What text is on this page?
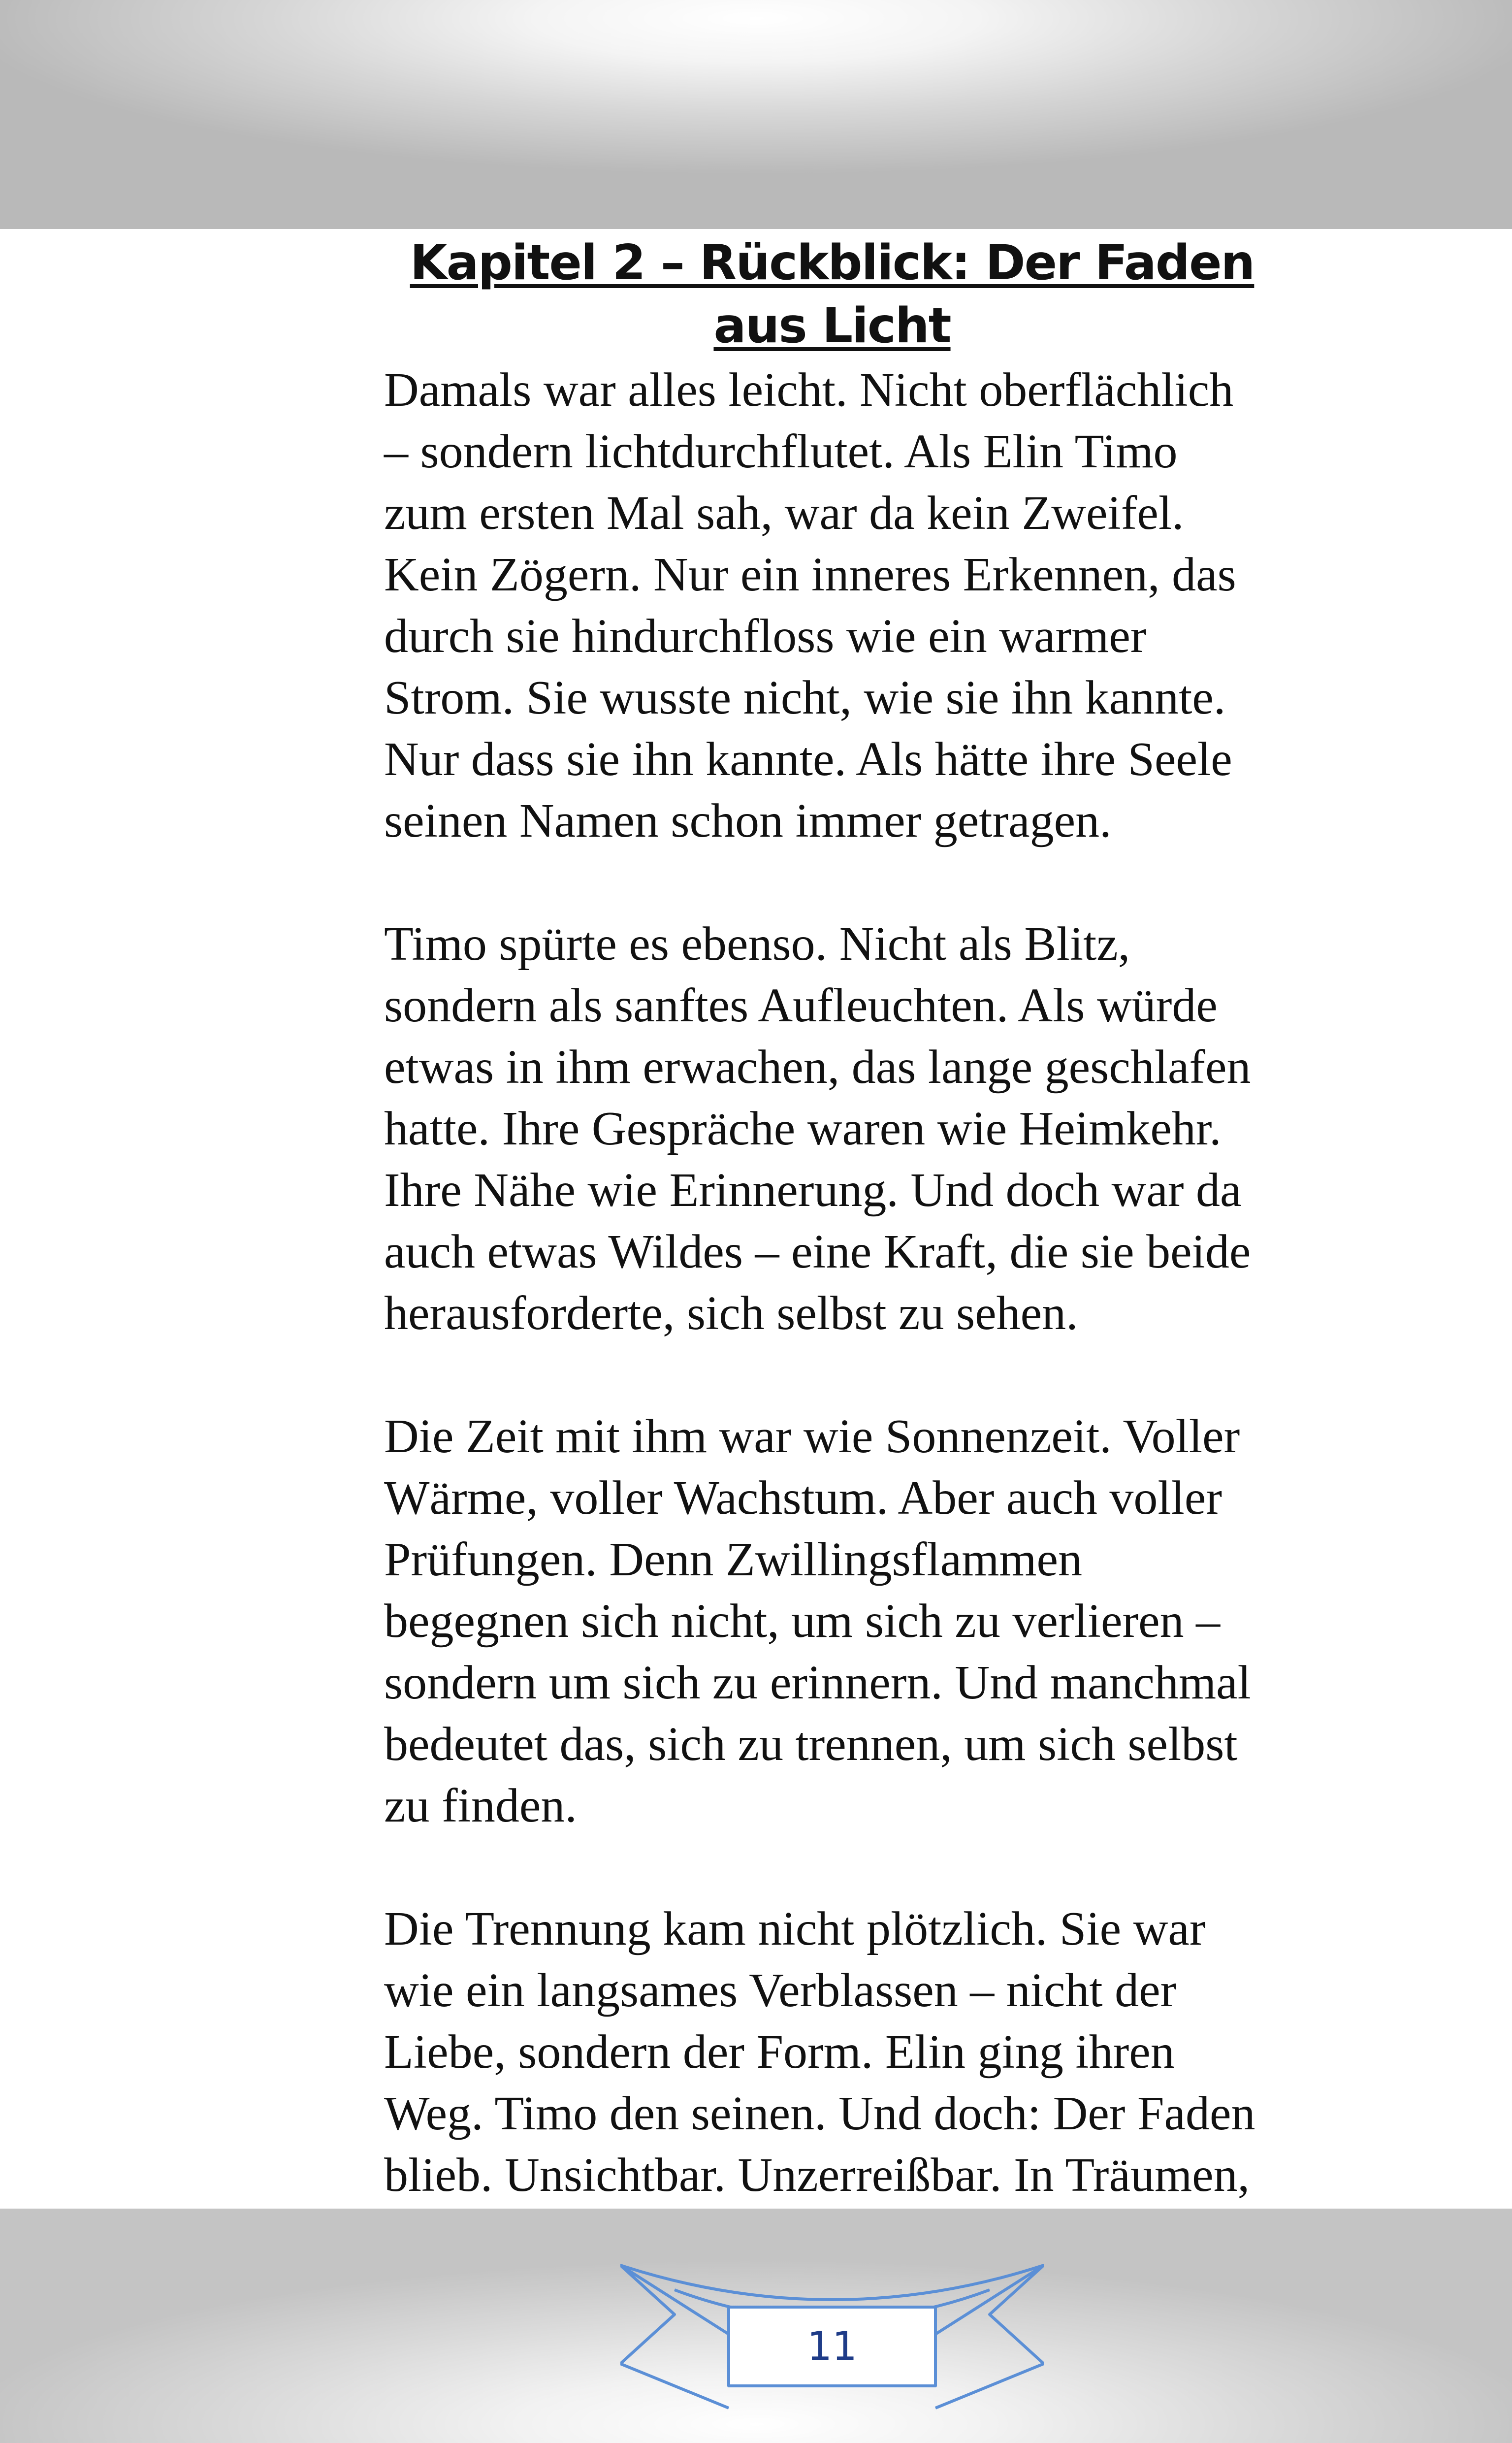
Kapitel 2 – Rückblick: Der Faden
aus Licht
Damals war alles leicht. Nicht oberflächlich
– sondern lichtdurchflutet. Als Elin Timo
zum ersten Mal sah, war da kein Zweifel.
Kein Zögern. Nur ein inneres Erkennen, das
durch sie hindurchfloss wie ein warmer
Strom. Sie wusste nicht, wie sie ihn kannte.
Nur dass sie ihn kannte. Als hätte ihre Seele
seinen Namen schon immer getragen.
Timo spürte es ebenso. Nicht als Blitz,
sondern als sanftes Aufleuchten. Als würde
etwas in ihm erwachen, das lange geschlafen
hatte. Ihre Gespräche waren wie Heimkehr.
Ihre Nähe wie Erinnerung. Und doch war da
auch etwas Wildes – eine Kraft, die sie beide
herausforderte, sich selbst zu sehen.
Die Zeit mit ihm war wie Sonnenzeit. Voller
Wärme, voller Wachstum. Aber auch voller
Prüfungen. Denn Zwillingsflammen
begegnen sich nicht, um sich zu verlieren –
sondern um sich zu erinnern. Und manchmal
bedeutet das, sich zu trennen, um sich selbst
zu finden.
Die Trennung kam nicht plötzlich. Sie war
wie ein langsames Verblassen – nicht der
Liebe, sondern der Form. Elin ging ihren
Weg. Timo den seinen. Und doch: Der Faden
blieb. Unsichtbar. Unzerreißbar. In Träumen,
11
